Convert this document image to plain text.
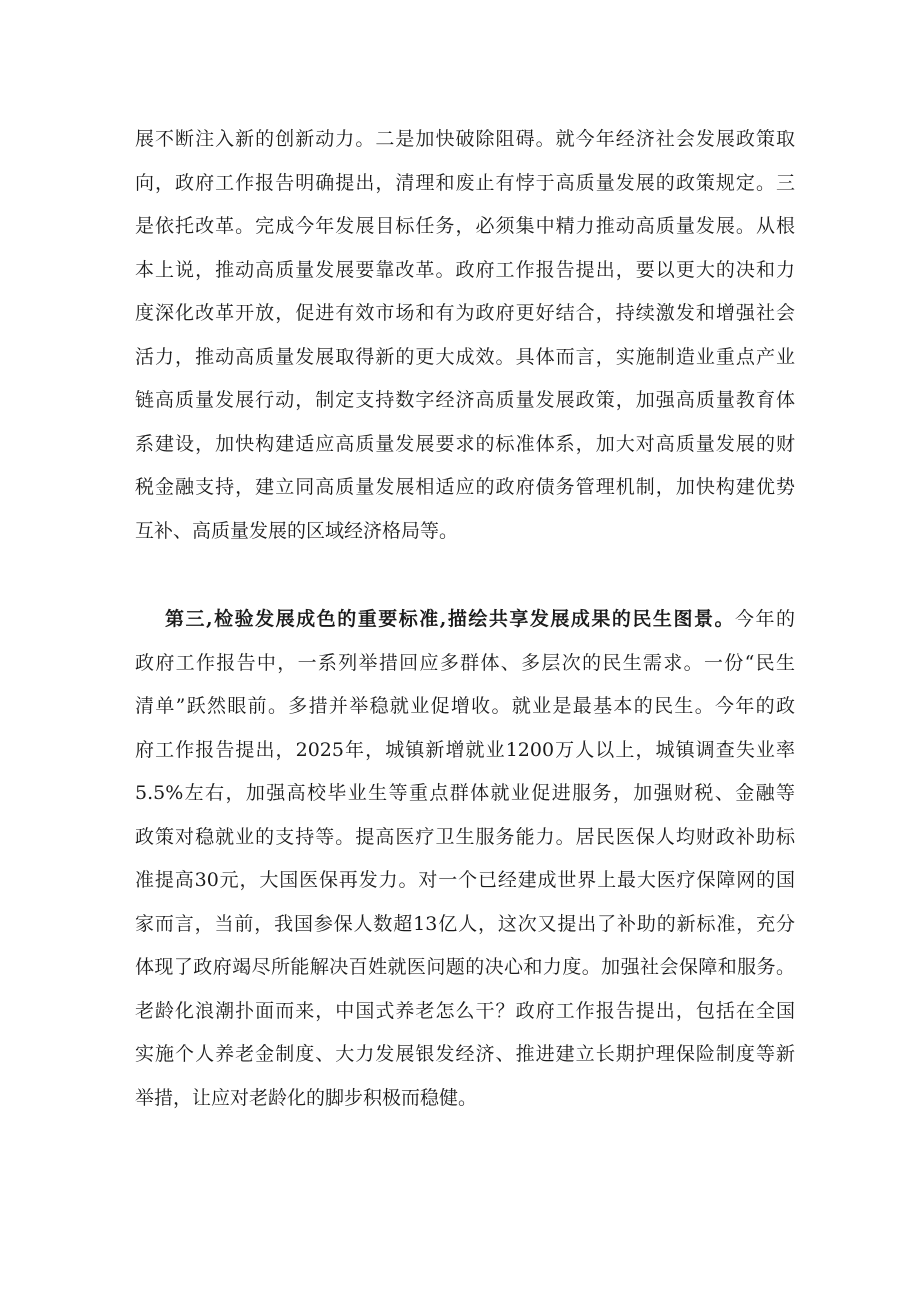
展不断注入新的创新动力。二是加快破除阻碍。就今年经济社会发展政策取
向，政府工作报告明确提出，清理和废止有悖于高质量发展的政策规定。三
是依托改革。完成今年发展目标任务，必须集中精力推动高质量发展。从根
本上说，推动高质量发展要靠改革。政府工作报告提出，要以更大的决和力
度深化改革开放，促进有效市场和有为政府更好结合，持续激发和增强社会
活力，推动高质量发展取得新的更大成效。具体而言，实施制造业重点产业
链高质量发展行动，制定支持数字经济高质量发展政策，加强高质量教育体
系建设，加快构建适应高质量发展要求的标准体系，加大对高质量发展的财
税金融支持，建立同高质量发展相适应的政府债务管理机制，加快构建优势
互补、高质量发展的区域经济格局等。
第三,检验发展成色的重要标准,描绘共享发展成果的民生图景。今年的
政府工作报告中，一系列举措回应多群体、多层次的民生需求。一份“民生
清单”跃然眼前。多措并举稳就业促增收。就业是最基本的民生。今年的政
府工作报告提出，2025年，城镇新增就业1200万人以上，城镇调查失业率
5.5%左右，加强高校毕业生等重点群体就业促进服务，加强财税、金融等
政策对稳就业的支持等。提高医疗卫生服务能力。居民医保人均财政补助标
准提高30元，大国医保再发力。对一个已经建成世界上最大医疗保障网的国
家而言，当前，我国参保人数超13亿人，这次又提出了补助的新标准，充分
体现了政府竭尽所能解决百姓就医问题的决心和力度。加强社会保障和服务。
老龄化浪潮扑面而来，中国式养老怎么干？政府工作报告提出，包括在全国
实施个人养老金制度、大力发展银发经济、推进建立长期护理保险制度等新
举措，让应对老龄化的脚步积极而稳健。
